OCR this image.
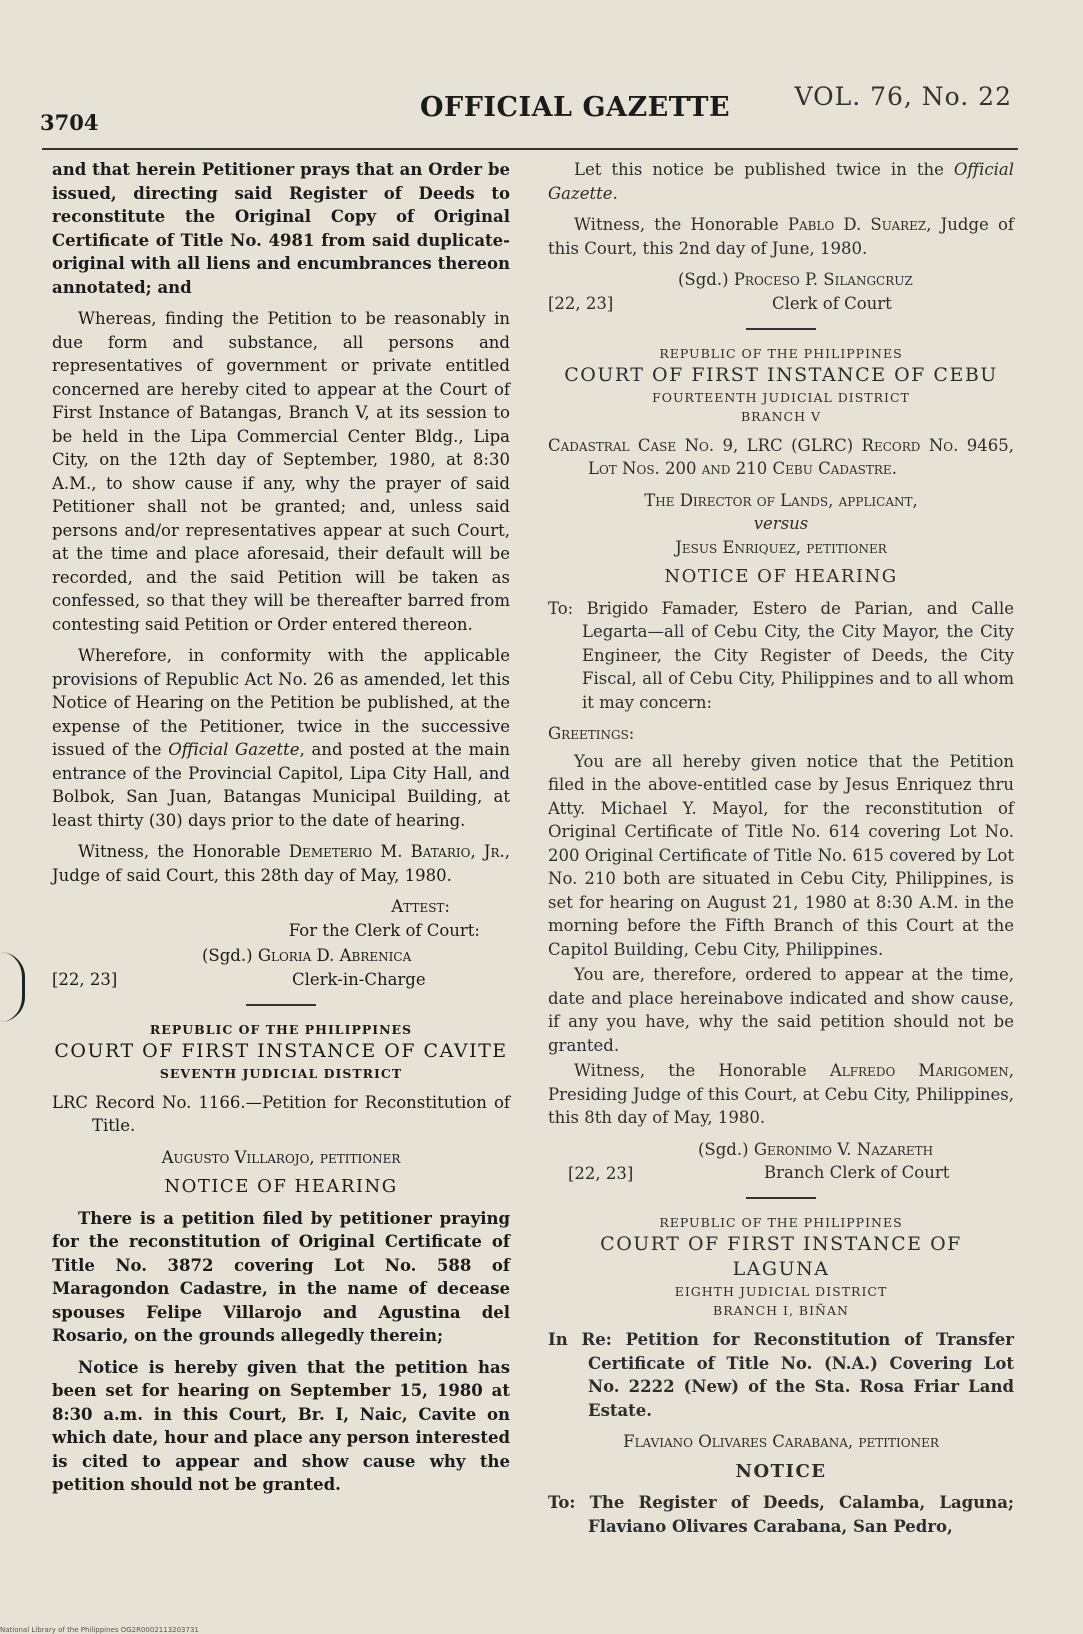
3704	OFFICIAL GAZETTE	VOL. 76, No. 22

and that herein Petitioner prays that an Order be issued, directing said Register of Deeds to reconstitute the Original Copy of Original Certificate of Title No. 4981 from said duplicate-original with all liens and encumbrances thereon annotated; and

Whereas, finding the Petition to be reasonably in due form and substance, all persons and representatives of government or private entitled concerned are hereby cited to appear at the Court of First Instance of Batangas, Branch V, at its session to be held in the Lipa Commercial Center Bldg., Lipa City, on the 12th day of September, 1980, at 8:30 A.M., to show cause if any, why the prayer of said Petitioner shall not be granted; and, unless said persons and/or representatives appear at such Court, at the time and place aforesaid, their default will be recorded, and the said Petition will be taken as confessed, so that they will be thereafter barred from contesting said Petition or Order entered thereon.

Wherefore, in conformity with the applicable provisions of Republic Act No. 26 as amended, let this Notice of Hearing on the Petition be published, at the expense of the Petitioner, twice in the successive issued of the Official Gazette, and posted at the main entrance of the Provincial Capitol, Lipa City Hall, and Bolbok, San Juan, Batangas Municipal Building, at least thirty (30) days prior to the date of hearing.

Witness, the Honorable Demeterio M. Batario, Jr., Judge of said Court, this 28th day of May, 1980.

Attest:
For the Clerk of Court:
[22, 23]
(Sgd.) Gloria D. Abrenica
Clerk-in-Charge
REPUBLIC OF THE PHILIPPINES
COURT OF FIRST INSTANCE OF CAVITE
SEVENTH JUDICIAL DISTRICT

LRC Record No. 1166.—Petition for Reconstitution of Title.

Augusto Villarojo, petitioner
NOTICE OF HEARING

There is a petition filed by petitioner praying for the reconstitution of Original Certificate of Title No. 3872 covering Lot No. 588 of Maragondon Cadastre, in the name of decease spouses Felipe Villarojo and Agustina del Rosario, on the grounds allegedly therein;

Notice is hereby given that the petition has been set for hearing on September 15, 1980 at 8:30 a.m. in this Court, Br. I, Naic, Cavite on which date, hour and place any person interested is cited to appear and show cause why the petition should not be granted.

Let this notice be published twice in the Official Gazette.

Witness, the Honorable Pablo D. Suarez, Judge of this Court, this 2nd day of June, 1980.

[22, 23]
(Sgd.) Proceso P. Silangcruz
Clerk of Court
REPUBLIC OF THE PHILIPPINES
COURT OF FIRST INSTANCE OF CEBU
FOURTEENTH JUDICIAL DISTRICT
BRANCH V

Cadastral Case No. 9, LRC (GLRC) Record No. 9465, Lot Nos. 200 and 210 Cebu Cadastre.

The Director of Lands, applicant,
versus
Jesus Enriquez, petitioner
NOTICE OF HEARING

To: Brigido Famader, Estero de Parian, and Calle Legarta—all of Cebu City, the City Mayor, the City Engineer, the City Register of Deeds, the City Fiscal, all of Cebu City, Philippines and to all whom it may concern:

Greetings:

You are all hereby given notice that the Petition filed in the above-entitled case by Jesus Enriquez thru Atty. Michael Y. Mayol, for the reconstitution of Original Certificate of Title No. 614 covering Lot No. 200 Original Certificate of Title No. 615 covered by Lot No. 210 both are situated in Cebu City, Philippines, is set for hearing on August 21, 1980 at 8:30 A.M. in the morning before the Fifth Branch of this Court at the Capitol Building, Cebu City, Philippines.

You are, therefore, ordered to appear at the time, date and place hereinabove indicated and show cause, if any you have, why the said petition should not be granted.

Witness, the Honorable Alfredo Marigomen, Presiding Judge of this Court, at Cebu City, Philippines, this 8th day of May, 1980.

[22, 23]
(Sgd.) Geronimo V. Nazareth
Branch Clerk of Court
REPUBLIC OF THE PHILIPPINES
COURT OF FIRST INSTANCE OF LAGUNA
EIGHTH JUDICIAL DISTRICT
BRANCH I, BIÑAN

In Re: Petition for Reconstitution of Transfer Certificate of Title No. (N.A.) Covering Lot No. 2222 (New) of the Sta. Rosa Friar Land Estate.

Flaviano Olivares Carabana, petitioner
NOTICE

To: The Register of Deeds, Calamba, Laguna; Flaviano Olivares Carabana, San Pedro,

National Library of the Philippines OG2R0002113203731
